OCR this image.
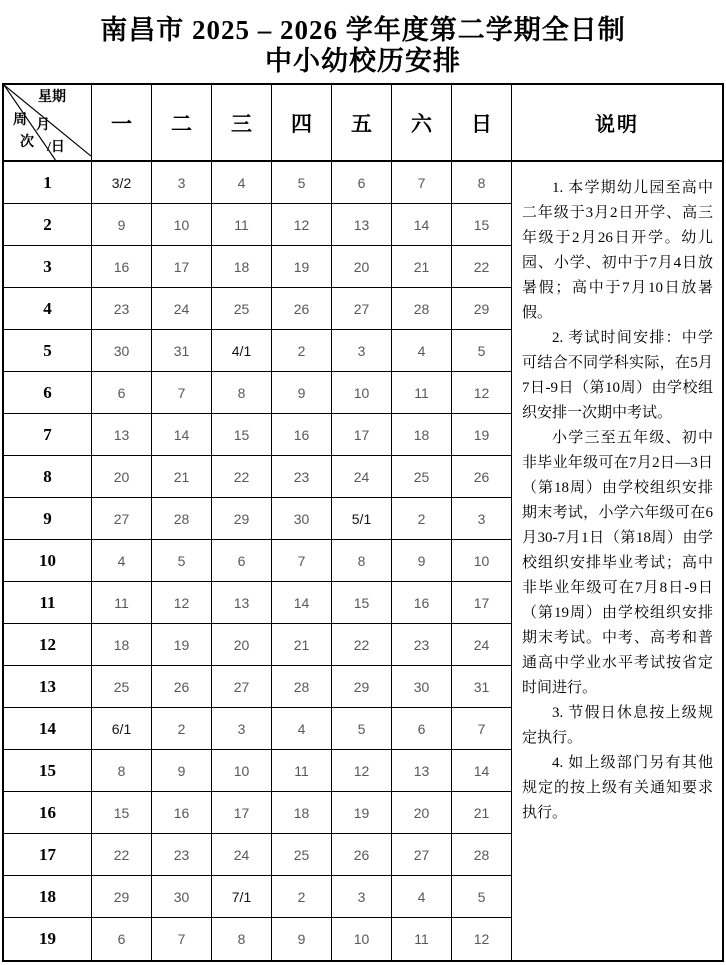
南昌市 2025 – 2026 学年度第二学期全日制
中小幼校历安排
星期
周
次
月
/日
一	二	三	四	五	六	日	说明

1. 本学期幼儿园至高中二年级于3月2日开学、高三年级于2月26日开学。幼儿园、小学、初中于7月4日放暑假；高中于7月10日放暑假。

2. 考试时间安排：中学可结合不同学科实际，在5月7日-9日（第10周）由学校组织安排一次期中考试。

小学三至五年级、初中非毕业年级可在7月2日—3日（第18周）由学校组织安排期末考试，小学六年级可在6月30-7月1日（第18周）由学校组织安排毕业考试；高中非毕业年级可在7月8日-9日（第19周）由学校组织安排期末考试。中考、高考和普通高中学业水平考试按省定时间进行。

3. 节假日休息按上级规定执行。

4. 如上级部门另有其他规定的按上级有关通知要求执行。

1	3/2	3	4	5	6	7	8
2	9	10	11	12	13	14	15
3	16	17	18	19	20	21	22
4	23	24	25	26	27	28	29
5	30	31	4/1	2	3	4	5
6	6	7	8	9	10	11	12
7	13	14	15	16	17	18	19
8	20	21	22	23	24	25	26
9	27	28	29	30	5/1	2	3
10	4	5	6	7	8	9	10
11	11	12	13	14	15	16	17
12	18	19	20	21	22	23	24
13	25	26	27	28	29	30	31
14	6/1	2	3	4	5	6	7
15	8	9	10	11	12	13	14
16	15	16	17	18	19	20	21
17	22	23	24	25	26	27	28
18	29	30	7/1	2	3	4	5
19	6	7	8	9	10	11	12
